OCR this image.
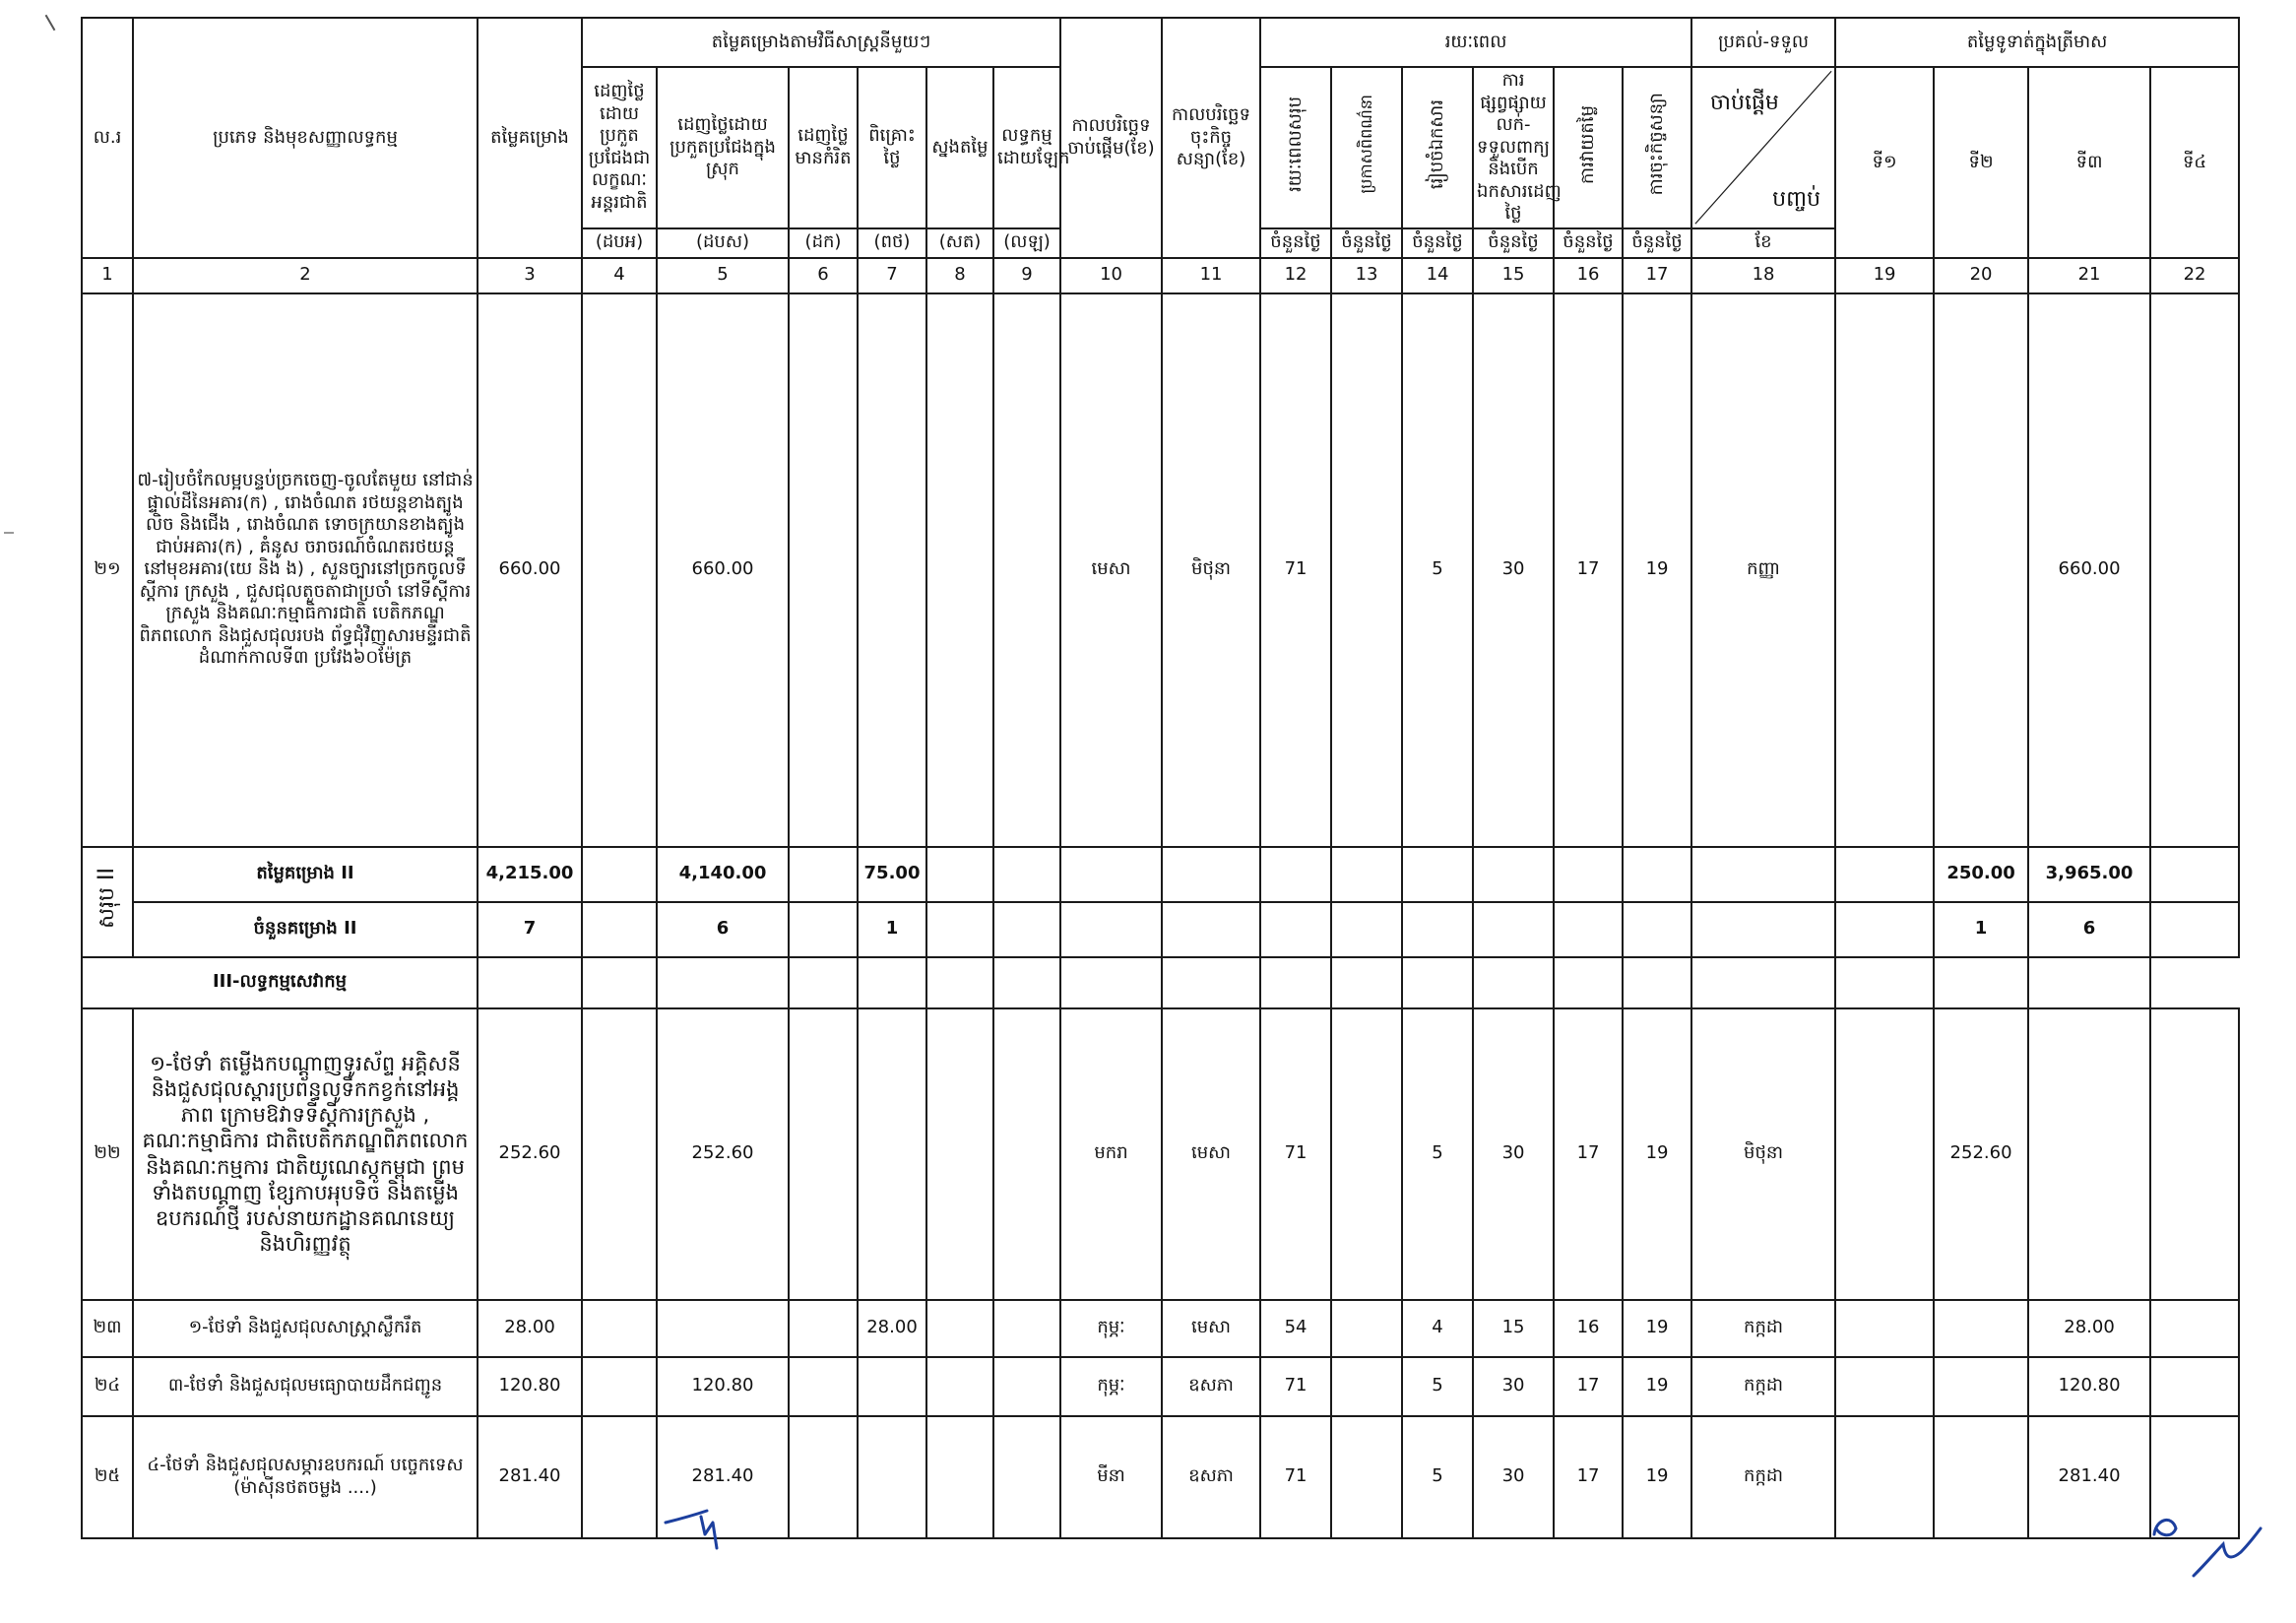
ល.រ	ប្រភេទ និងមុខសញ្ញាលទ្ធកម្ម	តម្លៃគម្រោង	តម្លៃគម្រោងតាមវិធីសាស្ត្រនីមួយៗ						កាលបរិច្ឆេទចាប់ផ្តើម(ខែ)	កាលបរិច្ឆេទចុះកិច្ចសន្យា(ខែ)	រយៈពេល						ប្រគល់-ទទួល	តម្លៃទូទាត់ក្នុងត្រីមាស			
			ដេញថ្លៃដោយប្រកួតប្រជែងជាលក្ខណៈអន្តរជាតិ	ដេញថ្លៃដោយប្រកួតប្រជែងក្នុងស្រុក	ដេញថ្លៃមានកំរិត	ពិគ្រោះថ្លៃ	ស្នងតម្លៃ	លទ្ធកម្មដោយឡែក			រយៈពេលសរុប	ប្រកាសពិពណ៌នា	រៀបចំឯកសារ	ការផ្សព្វផ្សាយ លក់-ទទួលពាក្យ និងបើកឯកសារដេញថ្លៃ	ការវាយតម្លៃ	ការចុះកិច្ចសន្យា	ចាប់ផ្តើម
បញ្ចប់	ទី១	ទី២	ទី៣	ទី៤
			(ដបអ)	(ដបស)	(ដក)	(ពថ)	(សត)	(លឡ)			ចំនួនថ្ងៃ	ចំនួនថ្ងៃ	ចំនួនថ្ងៃ	ចំនួនថ្ងៃ	ចំនួនថ្ងៃ	ចំនួនថ្ងៃ	ខែ				
1	2	3	4	5	6	7	8	9	10	11	12	13	14	15	16	17	18	19	20	21	22
២១	៧-រៀបចំកែលម្អបន្ទប់ច្រកចេញ-ចូលតែមួយ នៅជាន់ផ្ទាល់ដីនៃអគារ(ក) , រោងចំណត រថយន្តខាងត្បូង លិច និងជើង , រោងចំណត ទោចក្រយានខាងត្បូង ជាប់អគារ(ក) , គំនូស ចរាចរណ៍ចំណតរថយន្តនៅមុខអគារ(យេ និង ង) , សួនច្បារនៅច្រកចូលទីស្តីការ ក្រសួង , ជួសជុលតួចតាជាប្រចាំ នៅទីស្តីការក្រសួង និងគណៈកម្មាធិការជាតិ បេតិកភណ្ឌពិភពលោក និងជួសជុលរបង ព័ទ្ធជុំវិញសារមន្ទីរជាតិ ដំណាក់កាលទី៣ ប្រវែង៦០ម៉ែត្រ	660.00		660.00					មេសា	មិថុនា	71		5	30	17	19	កញ្ញា			660.00	
សរុប II	តម្លៃគម្រោង II	4,215.00		4,140.00		75.00													250.00	3,965.00	
	ចំនួនគម្រោង II	7		6		1													1	6	
III-លទ្ធកម្មសេវាកម្ម																					
២២	១-ថែទាំ តម្លើងកបណ្ដាញទូរស័ព្ទ អគ្គិសនី និងជួសជុលស្ពារប្រព័ន្ធលូទឹកកខ្វក់នៅអង្គភាព ក្រោមឱវាទទីស្តីការក្រសួង , គណៈកម្មាធិការ ជាតិបេតិកភណ្ឌពិភពលោក និងគណៈកម្មការ ជាតិយូណេស្កូកម្ពុជា ព្រមទាំងតបណ្ដាញ ខ្សែកាបអុបទិច និងតម្លើងឧបករណ៍ថ្មី របស់នាយកដ្ឋានគណនេយ្យ និងហិរញ្ញវត្ថុ	252.60		252.60					មករា	មេសា	71		5	30	17	19	មិថុនា		252.60		
២៣	១-ថែទាំ និងជួសជុលសាស្ត្រាស្លឹករឹត	28.00				28.00			កុម្ភៈ	មេសា	54		4	15	16	19	កក្កដា			28.00	
២៤	៣-ថែទាំ និងជួសជុលមធ្យោបាយដឹកជញ្ជូន	120.80		120.80					កុម្ភៈ	ឧសភា	71		5	30	17	19	កក្កដា			120.80	
២៥	៤-ថែទាំ និងជួសជុលសម្ភារឧបករណ៍ បច្ចេកទេស (ម៉ាស៊ីនថតចម្លង ....)	281.40		281.40					មីនា	ឧសភា	71		5	30	17	19	កក្កដា			281.40	
